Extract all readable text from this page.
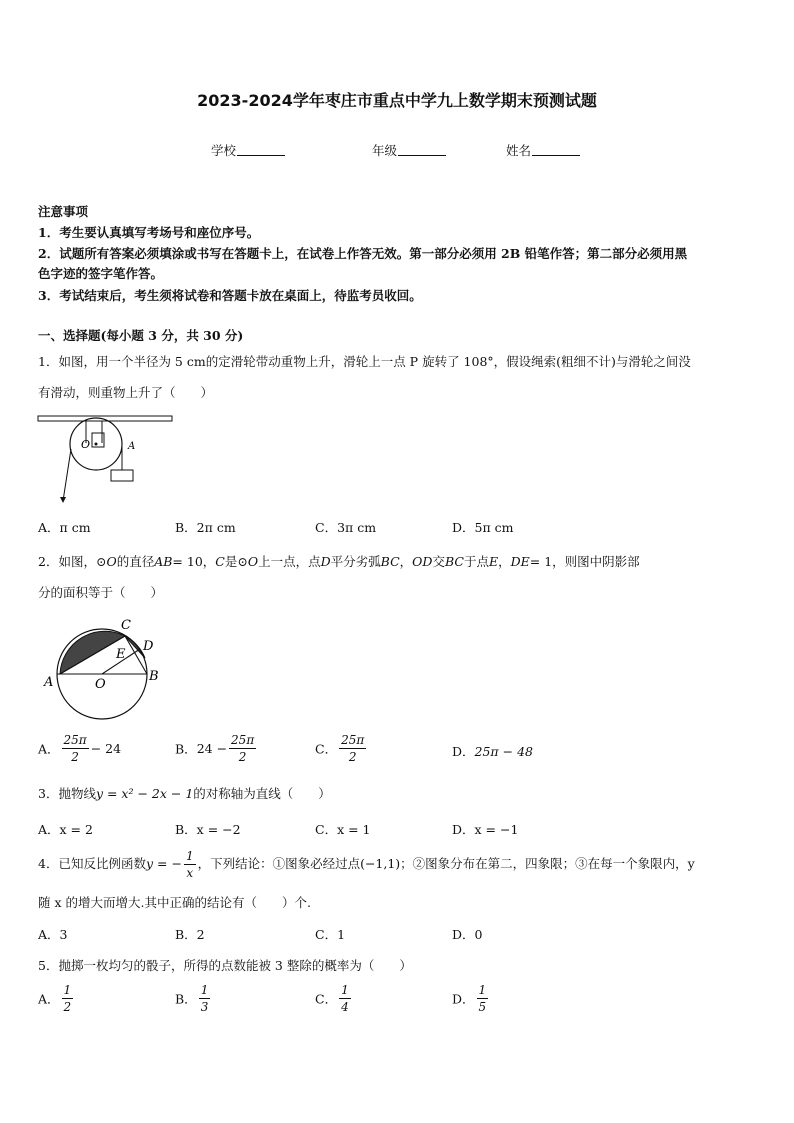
2023-2024学年枣庄市重点中学九上数学期末预测试题
学校	年级	姓名
注意事项
1．考生要认真填写考场号和座位序号。
2．试题所有答案必须填涂或书写在答题卡上，在试卷上作答无效。第一部分必须用 2B 铅笔作答；第二部分必须用黑
色字迹的签字笔作答。
3．考试结束后，考生须将试卷和答题卡放在桌面上，待监考员收回。
一、选择题(每小题 3 分，共 30 分)
1．如图，用一个半径为 5 cm的定滑轮带动重物上升，滑轮上一点 P 旋转了 108°，假设绳索(粗细不计)与滑轮之间没
有滑动，则重物上升了（　　）
O	A
A．π cm	B．2π cm	C．3π cm	D．5π cm
2．如图，⊙O的直径AB= 10，C是⊙O上一点，点D平分劣弧BC，OD交BC于点E，DE= 1，则图中阴影部
分的面积等于（　　）
A	B
C
D
E
O
A． $\frac{25\pi}{2} - 24$	B．$24 - \frac{25\pi}{2}$	C． $\frac{25\pi}{2}$	D．25π − 48
3．抛物线y = x² − 2x − 1的对称轴为直线（　　）
A．x = 2	B．x = −2	C．x = 1	D．x = −1
4．已知反比例函数y = − $\frac{1}{x}$ ，下列结论：①图象必经过点(−1,1)；②图象分布在第二，四象限；③在每一个象限内，y
随 x 的增大而增大.其中正确的结论有（　　）个.
A．3	B．2	C．1	D．0
5．抛掷一枚均匀的骰子，所得的点数能被 3 整除的概率为（　　）
A． $\frac{1}{2}$	B． $\frac{1}{3}$	C． $\frac{1}{4}$	D． $\frac{1}{5}$
